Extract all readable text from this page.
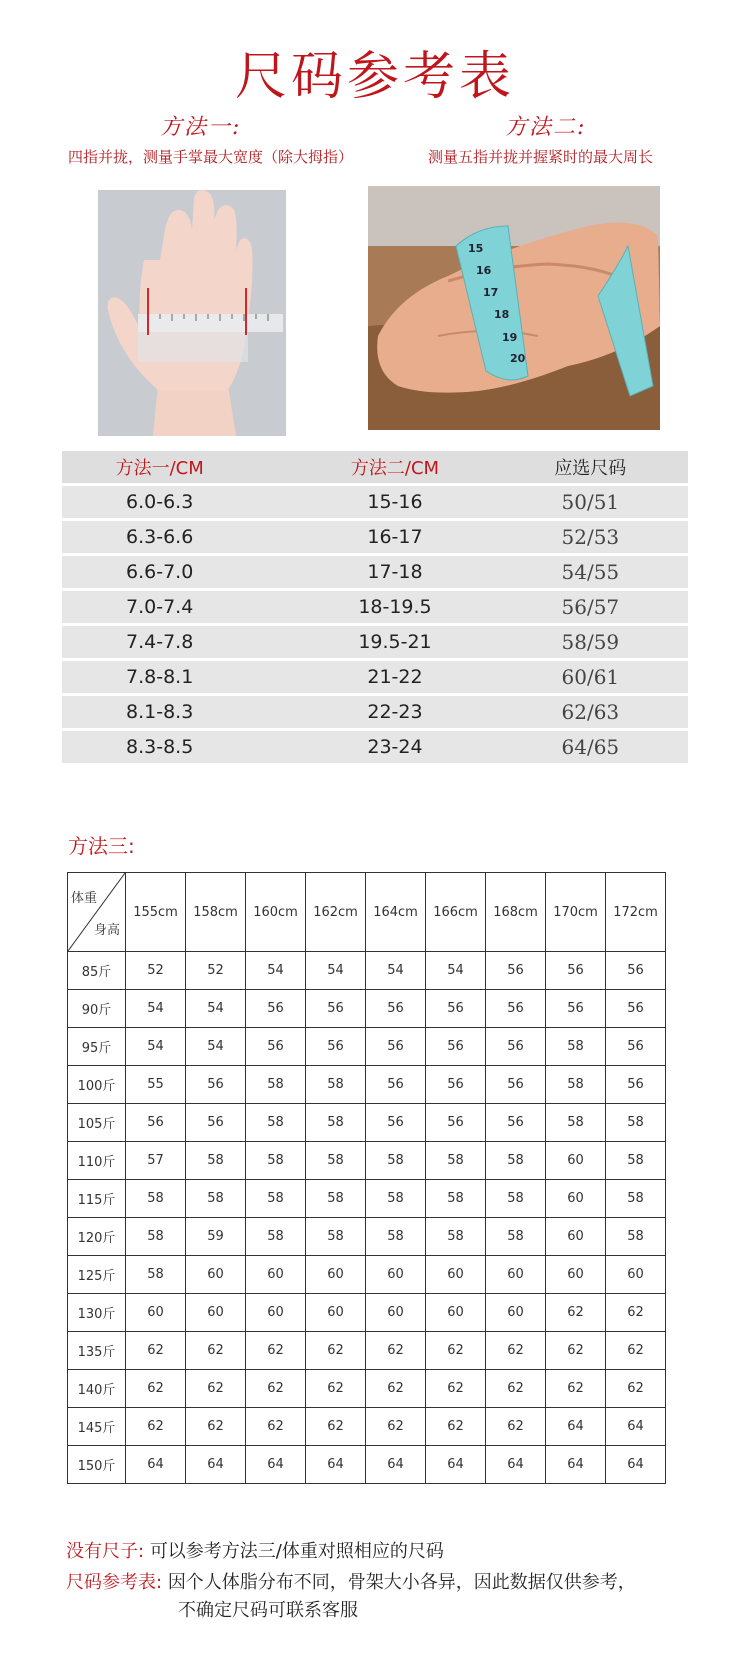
尺码参考表
方法一:
四指并拢，测量手掌最大宽度（除大拇指）
方法二:
测量五指并拢并握紧时的最大周长
15
16
17
18
19
20
方法一/CM	方法二/CM	应选尺码
6.0-6.3	15-16	50/51
6.3-6.6	16-17	52/53
6.6-7.0	17-18	54/55
7.0-7.4	18-19.5	56/57
7.4-7.8	19.5-21	58/59
7.8-8.1	21-22	60/61
8.1-8.3	22-23	62/63
8.3-8.5	23-24	64/65
方法三:
体重
身高	155cm	158cm	160cm	162cm	164cm	166cm	168cm	170cm	172cm
85斤	52	52	54	54	54	54	56	56	56
90斤	54	54	56	56	56	56	56	56	56
95斤	54	54	56	56	56	56	56	58	56
100斤	55	56	58	58	56	56	56	58	56
105斤	56	56	58	58	56	56	56	58	58
110斤	57	58	58	58	58	58	58	60	58
115斤	58	58	58	58	58	58	58	60	58
120斤	58	59	58	58	58	58	58	60	58
125斤	58	60	60	60	60	60	60	60	60
130斤	60	60	60	60	60	60	60	62	62
135斤	62	62	62	62	62	62	62	62	62
140斤	62	62	62	62	62	62	62	62	62
145斤	62	62	62	62	62	62	62	64	64
150斤	64	64	64	64	64	64	64	64	64
没有尺子: 可以参考方法三/体重对照相应的尺码
尺码参考表: 因个人体脂分布不同，骨架大小各异，因此数据仅供参考，
不确定尺码可联系客服
